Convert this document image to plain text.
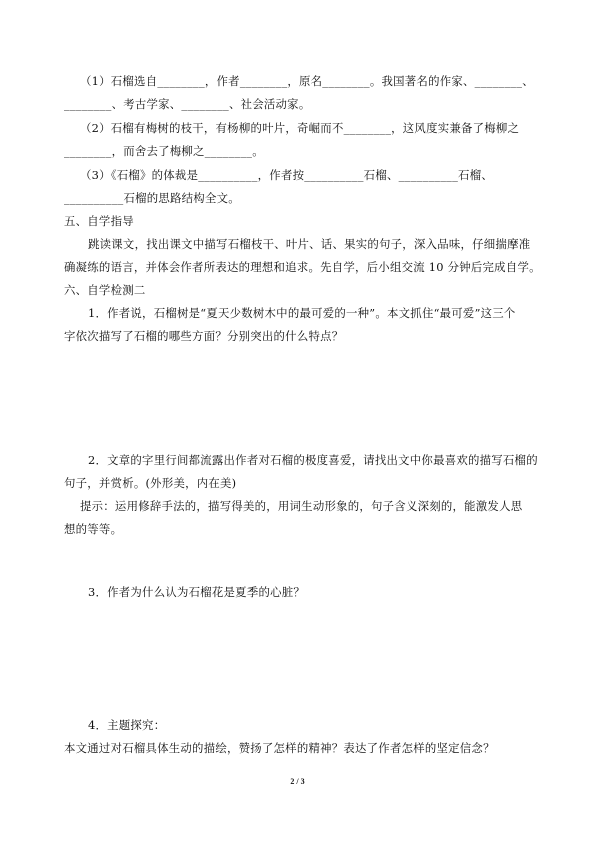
（1）石榴选自________，作者________，原名________。我国著名的作家、________、

________、考古学家、________、社会活动家。

（2）石榴有梅树的枝干，有杨柳的叶片，奇崛而不________，这风度实兼备了梅柳之

________，而舍去了梅柳之________。

（3）《石榴》的体裁是__________，作者按__________石榴、__________石榴、

__________石榴的思路结构全文。

五、自学指导

跳读课文，找出课文中描写石榴枝干、叶片、话、果实的句子，深入品味，仔细揣摩准

确凝练的语言，并体会作者所表达的理想和追求。先自学，后小组交流 10 分钟后完成自学。

六、自学检测二

1．作者说，石榴树是“夏天少数树木中的最可爱的一种”。本文抓住“最可爱”这三个

字依次描写了石榴的哪些方面？分别突出的什么特点？

2．文章的字里行间都流露出作者对石榴的极度喜爱，请找出文中你最喜欢的描写石榴的

句子，并赏析。(外形美，内在美)

提示：运用修辞手法的，描写得美的，用词生动形象的，句子含义深刻的，能激发人思

想的等等。

3．作者为什么认为石榴花是夏季的心脏？

4．主题探究：

本文通过对石榴具体生动的描绘，赞扬了怎样的精神？表达了作者怎样的坚定信念？

2 / 3
